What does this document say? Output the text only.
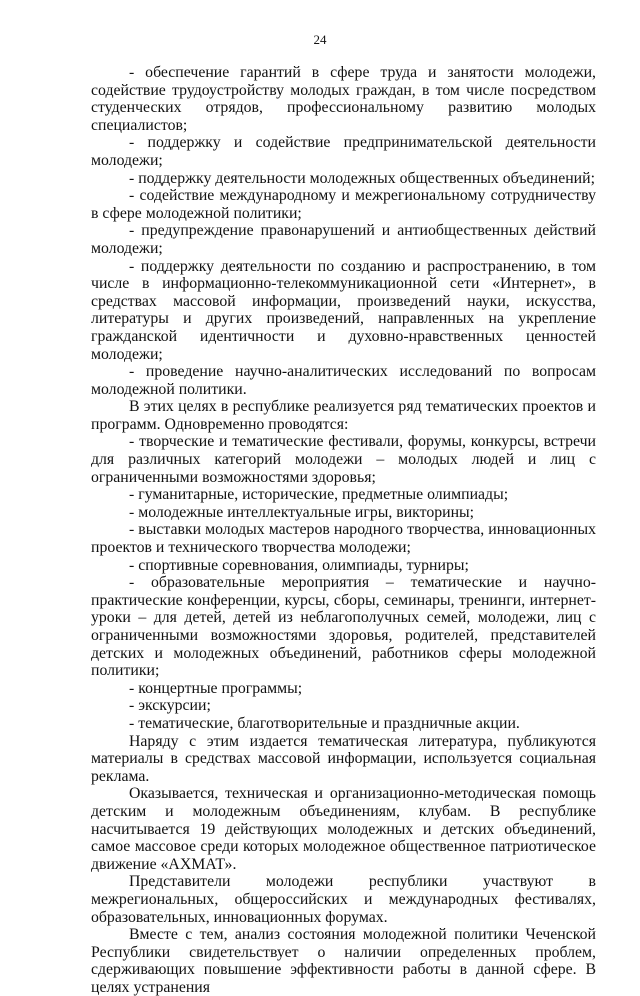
24

- обеспечение гарантий в сфере труда и занятости молодежи, содействие трудоустройству молодых граждан, в том числе посредством студенческих отрядов, профессиональному развитию молодых специалистов;

- поддержку и содействие предпринимательской деятельности молодежи;

- поддержку деятельности молодежных общественных объединений;

- содействие международному и межрегиональному сотрудничеству в сфере молодежной политики;

- предупреждение правонарушений и антиобщественных действий молодежи;

- поддержку деятельности по созданию и распространению, в том числе в информационно-телекоммуникационной сети «Интернет», в средствах массовой информации, произведений науки, искусства, литературы и других произведений, направленных на укрепление гражданской идентичности и духовно-нравственных ценностей молодежи;

- проведение научно-аналитических исследований по вопросам молодежной политики.

В этих целях в республике реализуется ряд тематических проектов и программ. Одновременно проводятся:

- творческие и тематические фестивали, форумы, конкурсы, встречи для различных категорий молодежи – молодых людей и лиц с ограниченными возможностями здоровья;

- гуманитарные, исторические, предметные олимпиады;

- молодежные интеллектуальные игры, викторины;

- выставки молодых мастеров народного творчества, инновационных проектов и технического творчества молодежи;

- спортивные соревнования, олимпиады, турниры;

- образовательные мероприятия – тематические и научно-практические конференции, курсы, сборы, семинары, тренинги, интернет-уроки – для детей, детей из неблагополучных семей, молодежи, лиц с ограниченными возможностями здоровья, родителей, представителей детских и молодежных объединений, работников сферы молодежной политики;

- концертные программы;

- экскурсии;

- тематические, благотворительные и праздничные акции.

Наряду с этим издается тематическая литература, публикуются материалы в средствах массовой информации, используется социальная реклама.

Оказывается, техническая и организационно-методическая помощь детским и молодежным объединениям, клубам. В республике насчитывается 19 действующих молодежных и детских объединений, самое массовое среди которых молодежное общественное патриотическое движение «АХМАТ».

Представители молодежи республики участвуют в межрегиональных, общероссийских и международных фестивалях, образовательных, инновационных форумах.

Вместе с тем, анализ состояния молодежной политики Чеченской Республики свидетельствует о наличии определенных проблем, сдерживающих повышение эффективности работы в данной сфере. В целях устранения
